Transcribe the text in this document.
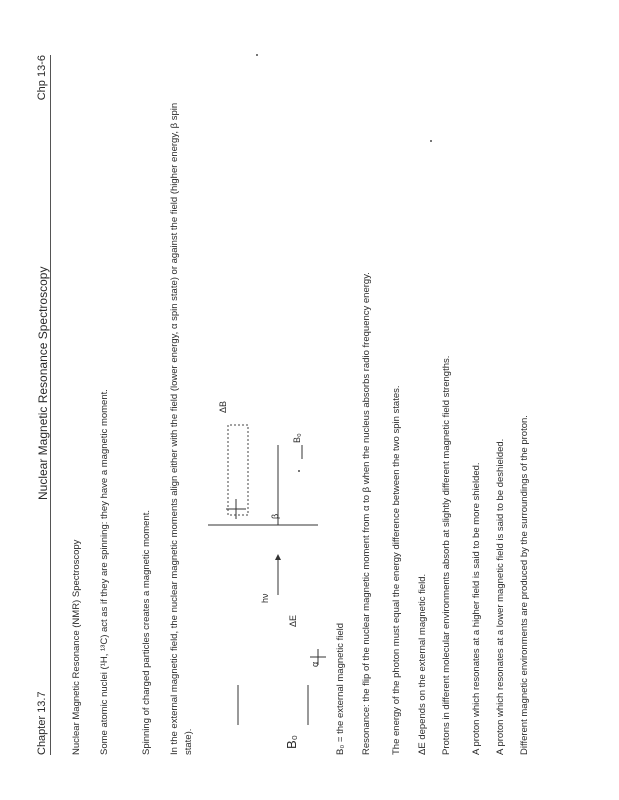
Chapter 13.7
Nuclear Magnetic Resonance Spectroscopy
Chp 13-6
Nuclear Magnetic Resonance (NMR) Spectroscopy Some atomic nuclei (¹H, ¹³C) act as if they are spinning: they have a magnetic moment.	Spinning of charged particles creates a magnetic moment. In the external magnetic field, the nuclear magnetic moments align either with the field (lower energy, α spin state) or against the field (higher energy, β spin state).	B₀
hν
ΔE
B₀
ΔB
α
β
B₀ = the external magnetic field Resonance: the flip of the nuclear magnetic moment from α to β when the nucleus absorbs radio frequency energy. The energy of the photon must equal the energy difference between the two spin states. ΔE depends on the external magnetic field. Protons in different molecular environments absorb at slightly different magnetic field strengths. A proton which resonates at a higher field is said to be more shielded. A proton which resonates at a lower magnetic field is said to be deshielded. Different magnetic environments are produced by the surroundings of the proton.
